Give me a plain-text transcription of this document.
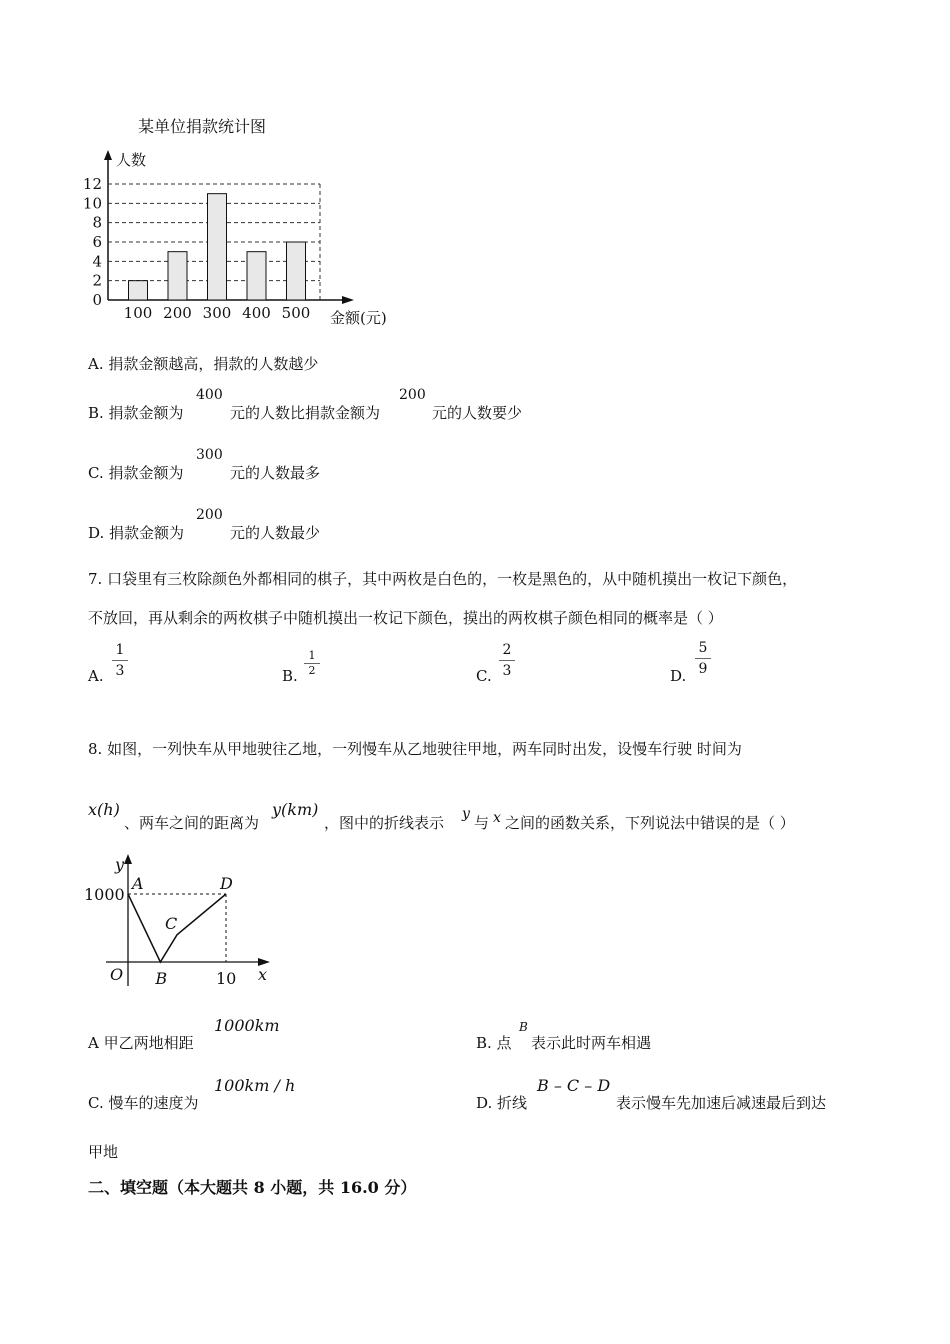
某单位捐款统计图
0
2
4
6
8
10
12
100 200 300 400 500
人数
金额(元)
A. 捐款金额越高，捐款的人数越少
B. 捐款金额为
400
元的人数比捐款金额为
200
元的人数要少
C. 捐款金额为
300
元的人数最多
D. 捐款金额为
200
元的人数最少
7. 口袋里有三枚除颜色外都相同的棋子，其中两枚是白色的，一枚是黑色的，从中随机摸出一枚记下颜色，
不放回，再从剩余的两枚棋子中随机摸出一枚记下颜色，摸出的两枚棋子颜色相同的概率是（ ）
A.
1
3	B.
1
2	C.
2
3	D.
5
9
8. 如图，一列快车从甲地驶往乙地，一列慢车从乙地驶往甲地，两车同时出发，设慢车行驶 时间为
x(h)
、两车之间的距离为
y(km)
，图中的折线表示 y 与 x 之间的函数关系，下列说法中错误的是（ ）
y
x
O
1000
10
A
B
C
D
A 甲乙两地相距
1000km
B. 点
B
表示此时两车相遇
C. 慢车的速度为
100km / h
D. 折线
B – C – D
表示慢车先加速后减速最后到达
甲地
二、填空题（本大题共 8 小题，共 16.0 分）
